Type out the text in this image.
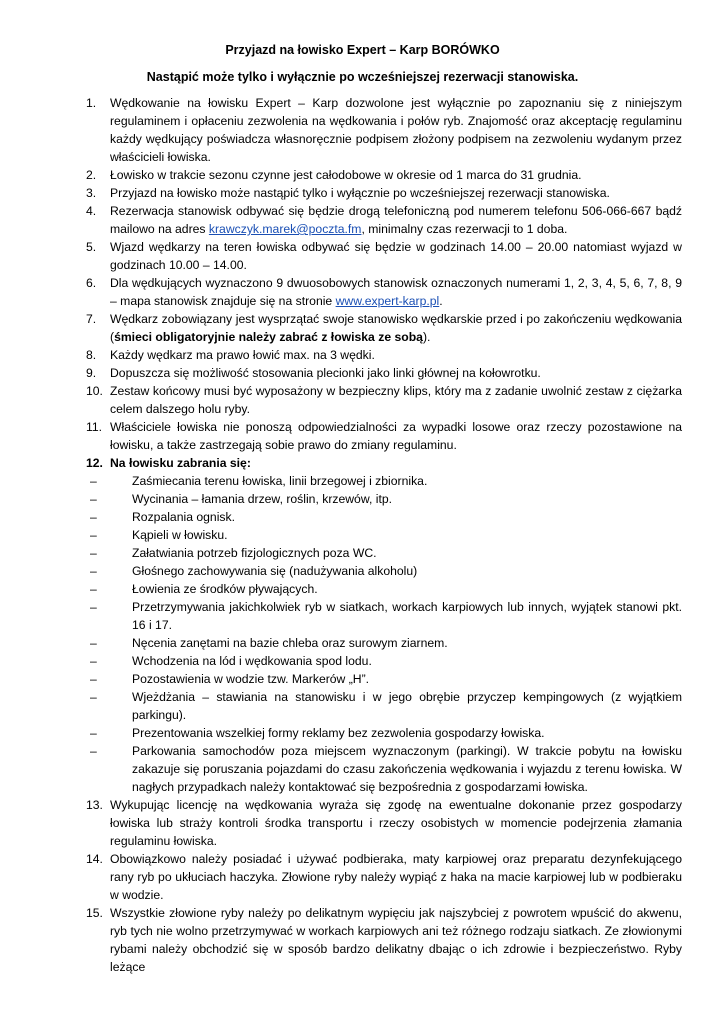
Przyjazd na łowisko Expert – Karp BORÓWKO
Nastąpić może tylko i wyłącznie po wcześniejszej rezerwacji stanowiska.
1.	Wędkowanie na łowisku Expert – Karp dozwolone jest wyłącznie po zapoznaniu się z niniejszym regulaminem i opłaceniu zezwolenia na wędkowania i połów ryb. Znajomość oraz akceptację regulaminu każdy wędkujący poświadcza własnoręcznie podpisem złożony podpisem na zezwoleniu wydanym przez właścicieli łowiska.
2.	Łowisko w trakcie sezonu czynne jest całodobowe w okresie od 1 marca do 31 grudnia.
3.	Przyjazd na łowisko może nastąpić tylko i wyłącznie po wcześniejszej rezerwacji stanowiska.
4.	Rezerwacja stanowisk odbywać się będzie drogą telefoniczną pod numerem telefonu 506-066-667 bądź mailowo na adres krawczyk.marek@poczta.fm, minimalny czas rezerwacji to 1 doba.
5.	Wjazd wędkarzy na teren łowiska odbywać się będzie w godzinach 14.00 – 20.00 natomiast wyjazd w godzinach 10.00 – 14.00.
6.	Dla wędkujących wyznaczono 9 dwuosobowych stanowisk oznaczonych numerami 1, 2, 3, 4, 5, 6, 7, 8, 9 – mapa stanowisk znajduje się na stronie www.expert-karp.pl.
7.	Wędkarz zobowiązany jest wysprzątać swoje stanowisko wędkarskie przed i po zakończeniu wędkowania (śmieci obligatoryjnie należy zabrać z łowiska ze sobą).
8.	Każdy wędkarz ma prawo łowić max. na 3 wędki.
9.	Dopuszcza się możliwość stosowania plecionki jako linki głównej na kołowrotku.
10. Zestaw końcowy musi być wyposażony w bezpieczny klips, który ma z zadanie uwolnić zestaw z ciężarka celem dalszego holu ryby.
11. Właściciele łowiska nie ponoszą odpowiedzialności za wypadki losowe oraz rzeczy pozostawione na łowisku, a także zastrzegają sobie prawo do zmiany regulaminu.
12. Na łowisku zabrania się:
–	Zaśmiecania terenu łowiska, linii brzegowej i zbiornika.
–	Wycinania – łamania drzew, roślin, krzewów, itp.
–	Rozpalania ognisk.
–	Kąpieli w łowisku.
–	Załatwiania potrzeb fizjologicznych poza WC.
–	Głośnego zachowywania się (nadużywania alkoholu)
–	Łowienia ze środków pływających.
–	Przetrzymywania jakichkolwiek ryb w siatkach, workach karpiowych lub innych, wyjątek stanowi pkt. 16 i 17.
–	Nęcenia zanętami na bazie chleba oraz surowym ziarnem.
–	Wchodzenia na lód i wędkowania spod lodu.
–	Pozostawienia w wodzie tzw. Markerów „H”.
–	Wjeżdżania – stawiania na stanowisku i w jego obrębie przyczep kempingowych (z wyjątkiem parkingu).
–	Prezentowania wszelkiej formy reklamy bez zezwolenia gospodarzy łowiska.
–	Parkowania samochodów poza miejscem wyznaczonym (parkingi). W trakcie pobytu na łowisku zakazuje się poruszania pojazdami do czasu zakończenia wędkowania i wyjazdu z terenu łowiska. W nagłych przypadkach należy kontaktować się bezpośrednia z gospodarzami łowiska.
13. Wykupując licencję na wędkowania wyraża się zgodę na ewentualne dokonanie przez gospodarzy łowiska lub straży kontroli środka transportu i rzeczy osobistych w momencie podejrzenia złamania regulaminu łowiska.
14. Obowiązkowo należy posiadać i używać podbieraka, maty karpiowej oraz preparatu dezynfekującego rany ryb po ukłuciach haczyka. Złowione ryby należy wypiąć z haka na macie karpiowej lub w podbieraku w wodzie.
15. Wszystkie złowione ryby należy po delikatnym wypięciu jak najszybciej z powrotem wpuścić do akwenu, ryb tych nie wolno przetrzymywać w workach karpiowych ani też różnego rodzaju siatkach. Ze złowionymi rybami należy obchodzić się w sposób bardzo delikatny dbając o ich zdrowie i bezpieczeństwo. Ryby leżące
